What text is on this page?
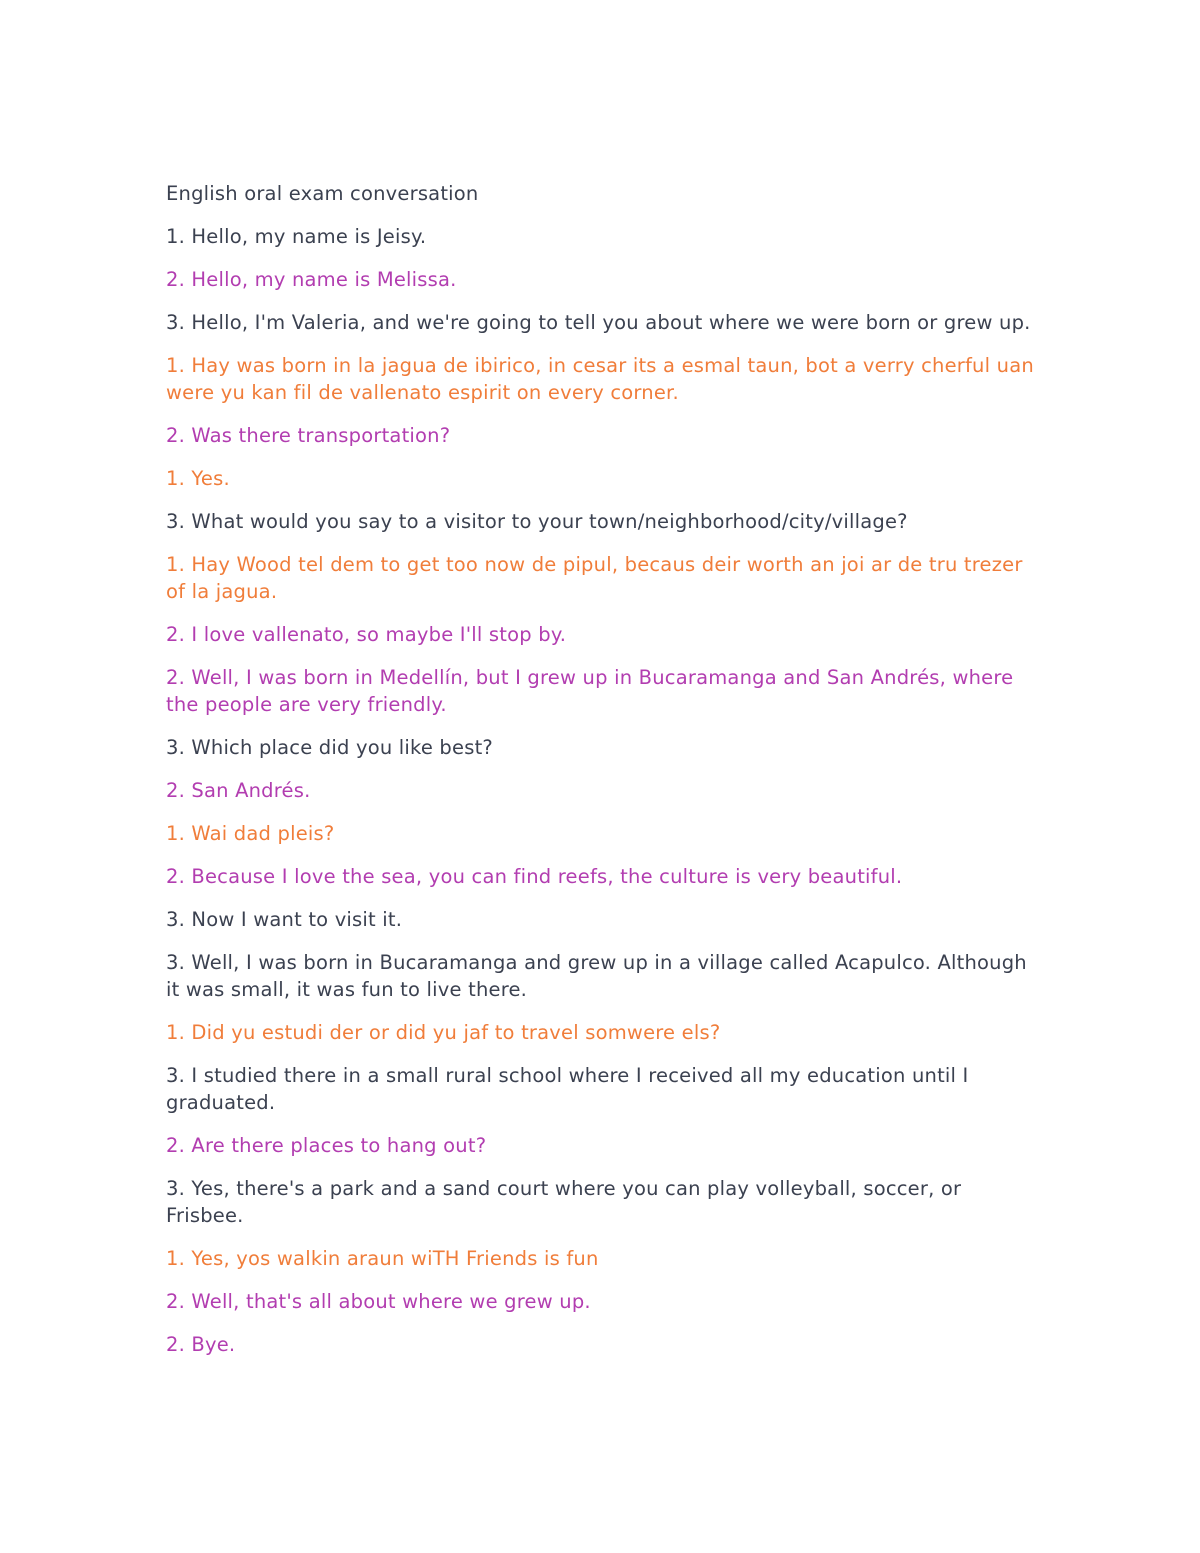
English oral exam conversation

1. Hello, my name is Jeisy.

2. Hello, my name is Melissa.

3. Hello, I'm Valeria, and we're going to tell you about where we were born or grew up.

1. Hay was born in la jagua de ibirico, in cesar its a esmal taun, bot a verry cherful uan were yu kan fil de vallenato espirit on every corner.

2. Was there transportation?

1. Yes.

3. What would you say to a visitor to your town/neighborhood/city/village?

1. Hay Wood tel dem to get too now de pipul, becaus deir worth an joi ar de tru trezer of la jagua.

2. I love vallenato, so maybe I'll stop by.

2. Well, I was born in Medellín, but I grew up in Bucaramanga and San Andrés, where the people are very friendly.

3. Which place did you like best?

2. San Andrés.

1. Wai dad pleis?

2. Because I love the sea, you can find reefs, the culture is very beautiful.

3. Now I want to visit it.

3. Well, I was born in Bucaramanga and grew up in a village called Acapulco. Although it was small, it was fun to live there.

1. Did yu estudi der or did yu jaf to travel somwere els?

3. I studied there in a small rural school where I received all my education until I graduated.

2. Are there places to hang out?

3. Yes, there's a park and a sand court where you can play volleyball, soccer, or Frisbee.

1. Yes, yos walkin araun wiTH Friends is fun

2. Well, that's all about where we grew up.

2. Bye.
